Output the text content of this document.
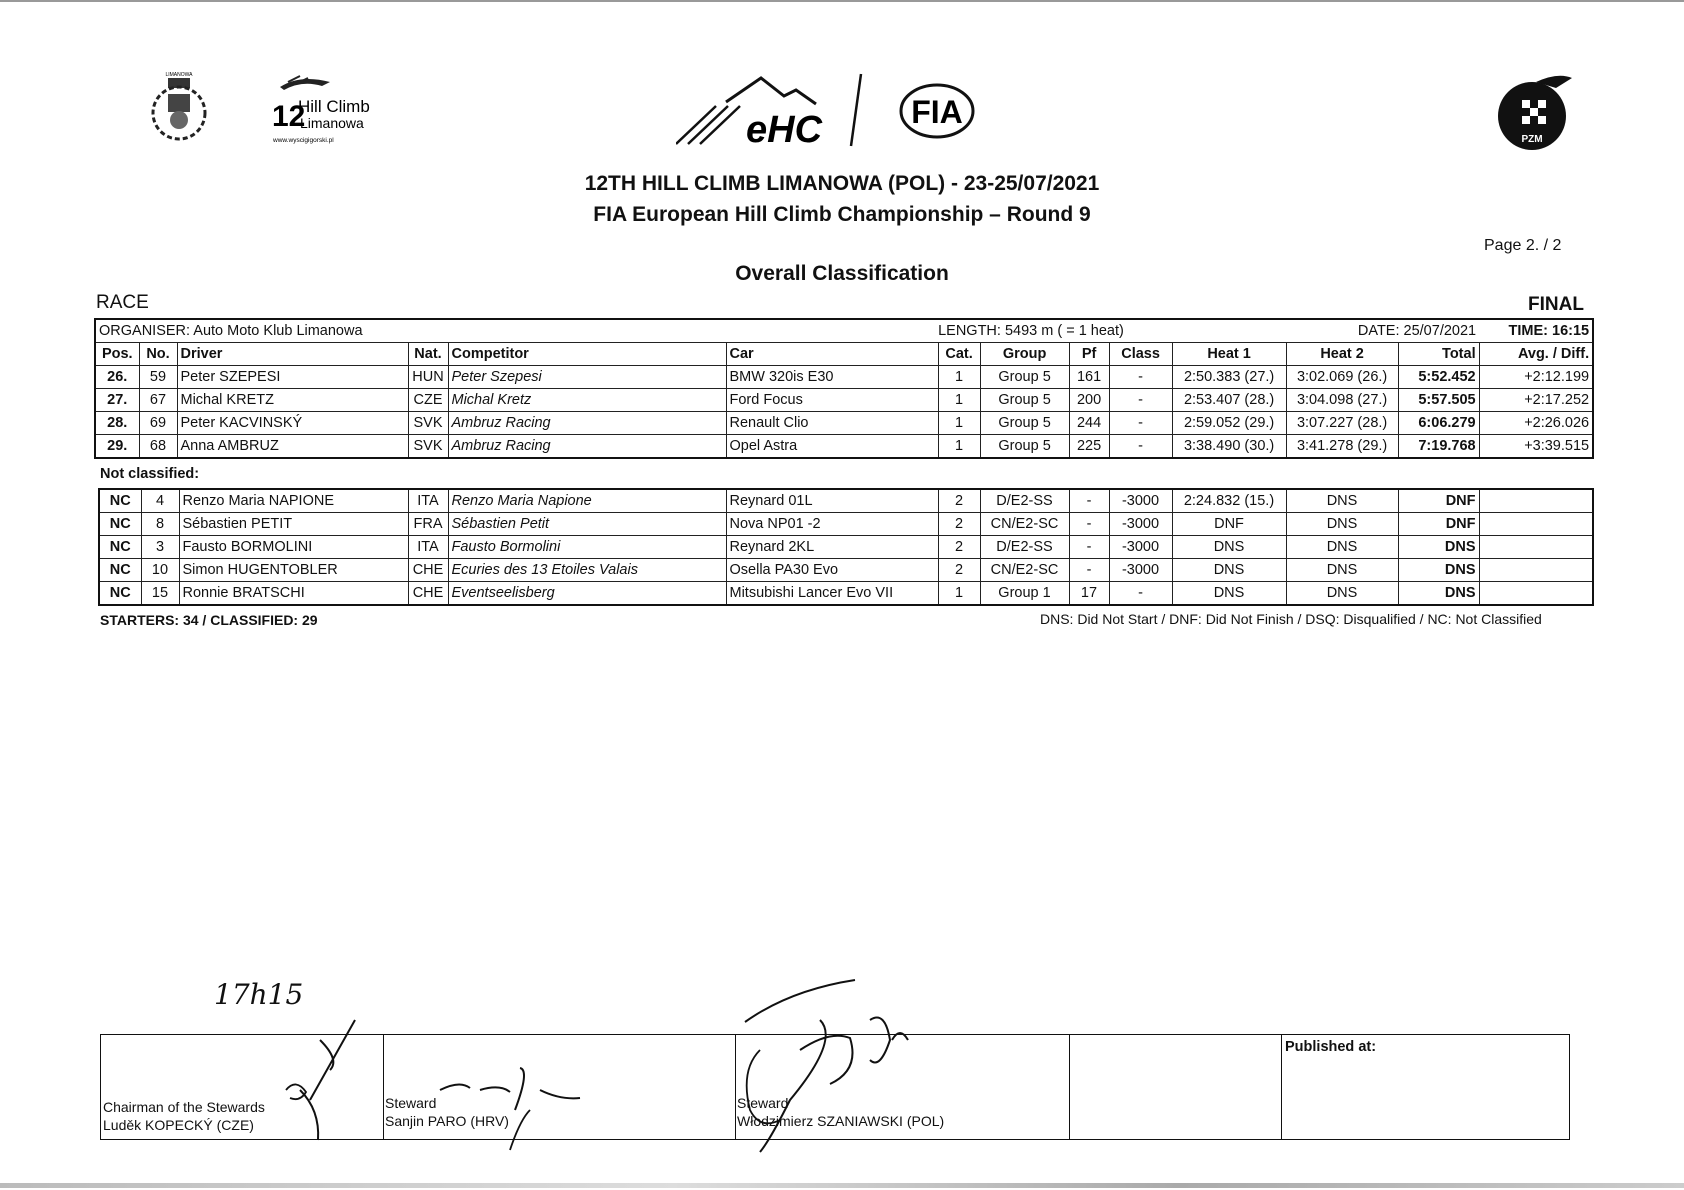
LIMANOWA
12
Hill Climb
Limanowa
www.wyscigigorski.pl	eHC	FIA
PZM
12TH HILL CLIMB LIMANOWA (POL) - 23-25/07/2021
FIA European Hill Climb Championship – Round 9
Page 2. / 2
Overall Classification
RACE	FINAL
ORGANISER: Auto Moto Klub Limanowa						LENGTH: 5493 m ( = 1 heat)				DATE: 25/07/2021			TIME: 16:15
Pos.	No.	Driver	Nat.	Competitor	Car	Cat.	Group	Pf	Class	Heat 1	Heat 2	Total	Avg. / Diff.
26.	59	Peter SZEPESI	HUN	Peter Szepesi	BMW 320is E30	1	Group 5	161	-	2:50.383 (27.)	3:02.069 (26.)	5:52.452	+2:12.199
27.	67	Michal KRETZ	CZE	Michal Kretz	Ford Focus	1	Group 5	200	-	2:53.407 (28.)	3:04.098 (27.)	5:57.505	+2:17.252
28.	69	Peter KACVINSKÝ	SVK	Ambruz Racing	Renault Clio	1	Group 5	244	-	2:59.052 (29.)	3:07.227 (28.)	6:06.279	+2:26.026
29.	68	Anna AMBRUZ	SVK	Ambruz Racing	Opel Astra	1	Group 5	225	-	3:38.490 (30.)	3:41.278 (29.)	7:19.768	+3:39.515
Not classified:
NC	4	Renzo Maria NAPIONE	ITA	Renzo Maria Napione	Reynard 01L	2	D/E2-SS	-	-3000	2:24.832 (15.)	DNS	DNF	
NC	8	Sébastien PETIT	FRA	Sébastien Petit	Nova NP01 -2	2	CN/E2-SC	-	-3000	DNF	DNS	DNF	
NC	3	Fausto BORMOLINI	ITA	Fausto Bormolini	Reynard 2KL	2	D/E2-SS	-	-3000	DNS	DNS	DNS	
NC	10	Simon HUGENTOBLER	CHE	Ecuries des 13 Etoiles Valais	Osella PA30 Evo	2	CN/E2-SC	-	-3000	DNS	DNS	DNS	
NC	15	Ronnie BRATSCHI	CHE	Eventseelisberg	Mitsubishi Lancer Evo VII	1	Group 1	17	-	DNS	DNS	DNS	
STARTERS: 34 / CLASSIFIED: 29	DNS: Did Not Start / DNF: Did Not Finish / DSQ: Disqualified / NC: Not Classified
17h15
Chairman of the Stewards
Luděk KOPECKÝ (CZE)
Steward
Sanjin PARO (HRV)
Steward
Włodzimierz SZANIAWSKI (POL)
Published at:
